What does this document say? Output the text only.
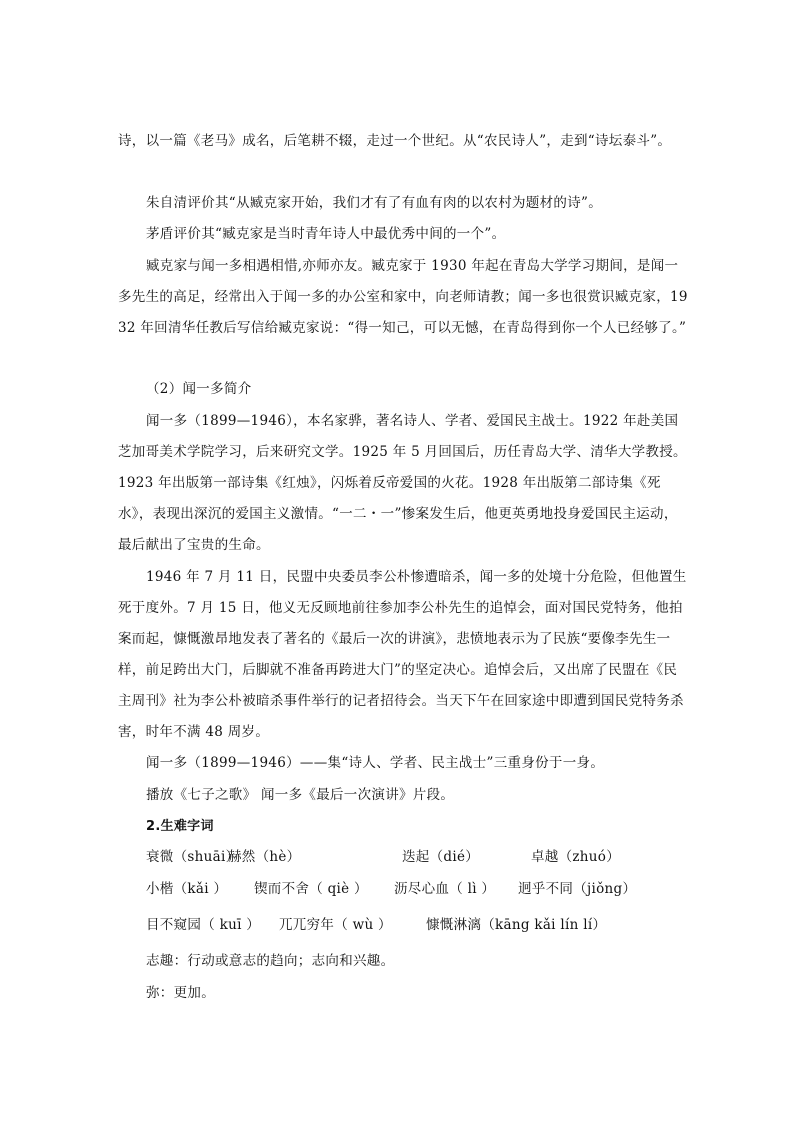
诗，以一篇《老马》成名，后笔耕不辍，走过一个世纪。从“农民诗人”，走到“诗坛泰斗”。

朱自清评价其“从臧克家开始，我们才有了有血有肉的以农村为题材的诗”。

茅盾评价其“臧克家是当时青年诗人中最优秀中间的一个”。

臧克家与闻一多相遇相惜,亦师亦友。臧克家于 1930 年起在青岛大学学习期间，是闻一多先生的高足，经常出入于闻一多的办公室和家中，向老师请教；闻一多也很赏识臧克家，1932 年回清华任教后写信给臧克家说：“得一知己，可以无憾，在青岛得到你一个人已经够了。”

（2）闻一多简介

闻一多（1899—1946），本名家骅，著名诗人、学者、爱国民主战士。1922 年赴美国芝加哥美术学院学习，后来研究文学。1925 年 5 月回国后，历任青岛大学、清华大学教授。1923 年出版第一部诗集《红烛》，闪烁着反帝爱国的火花。1928 年出版第二部诗集《死水》，表现出深沉的爱国主义激情。“一二・一”惨案发生后，他更英勇地投身爱国民主运动，最后献出了宝贵的生命。

1946 年 7 月 11 日，民盟中央委员李公朴惨遭暗杀，闻一多的处境十分危险，但他置生死于度外。7 月 15 日，他义无反顾地前往参加李公朴先生的追悼会，面对国民党特务，他拍案而起，慷慨激昂地发表了著名的《最后一次的讲演》，悲愤地表示为了民族“要像李先生一样，前足跨出大门，后脚就不准备再跨进大门”的坚定决心。追悼会后，又出席了民盟在《民主周刊》社为李公朴被暗杀事件举行的记者招待会。当天下午在回家途中即遭到国民党特务杀害，时年不满 48 周岁。

闻一多（1899—1946）——集“诗人、学者、民主战士”三重身份于一身。

播放《七子之歌》 闻一多《最后一次演讲》片段。

2.生难字词

衰微（shuāi）
赫然（hè）	迭起（dié）	卓越（zhuó）
小楷（kǎi ） 锲而不舍（ qiè ） 沥尽心血（ lì ） 迥乎不同（jiǒng）
目不窥园（ kuī ） 兀兀穷年（ wù ）	慷慨淋漓（kāng kǎi lín lí）

志趣：行动或意志的趋向；志向和兴趣。

弥：更加。
